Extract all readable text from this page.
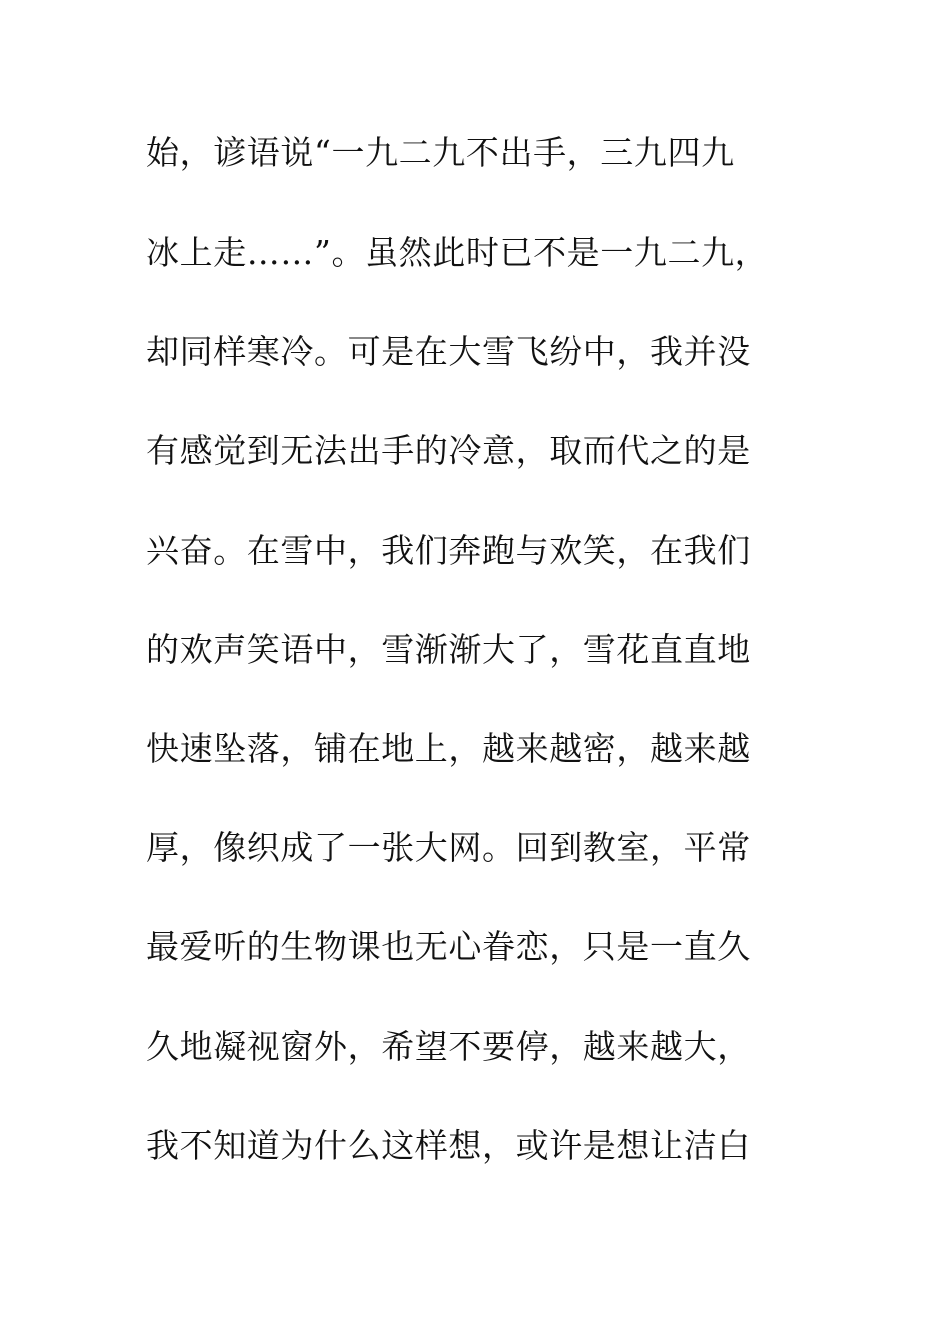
始，谚语说“一九二九不出手，三九四九
冰上走……”。虽然此时已不是一九二九，
却同样寒冷。可是在大雪飞纷中，我并没
有感觉到无法出手的冷意，取而代之的是
兴奋。在雪中，我们奔跑与欢笑，在我们
的欢声笑语中，雪渐渐大了，雪花直直地
快速坠落，铺在地上，越来越密，越来越
厚，像织成了一张大网。回到教室，平常
最爱听的生物课也无心眷恋，只是一直久
久地凝视窗外，希望不要停，越来越大，
我不知道为什么这样想，或许是想让洁白
